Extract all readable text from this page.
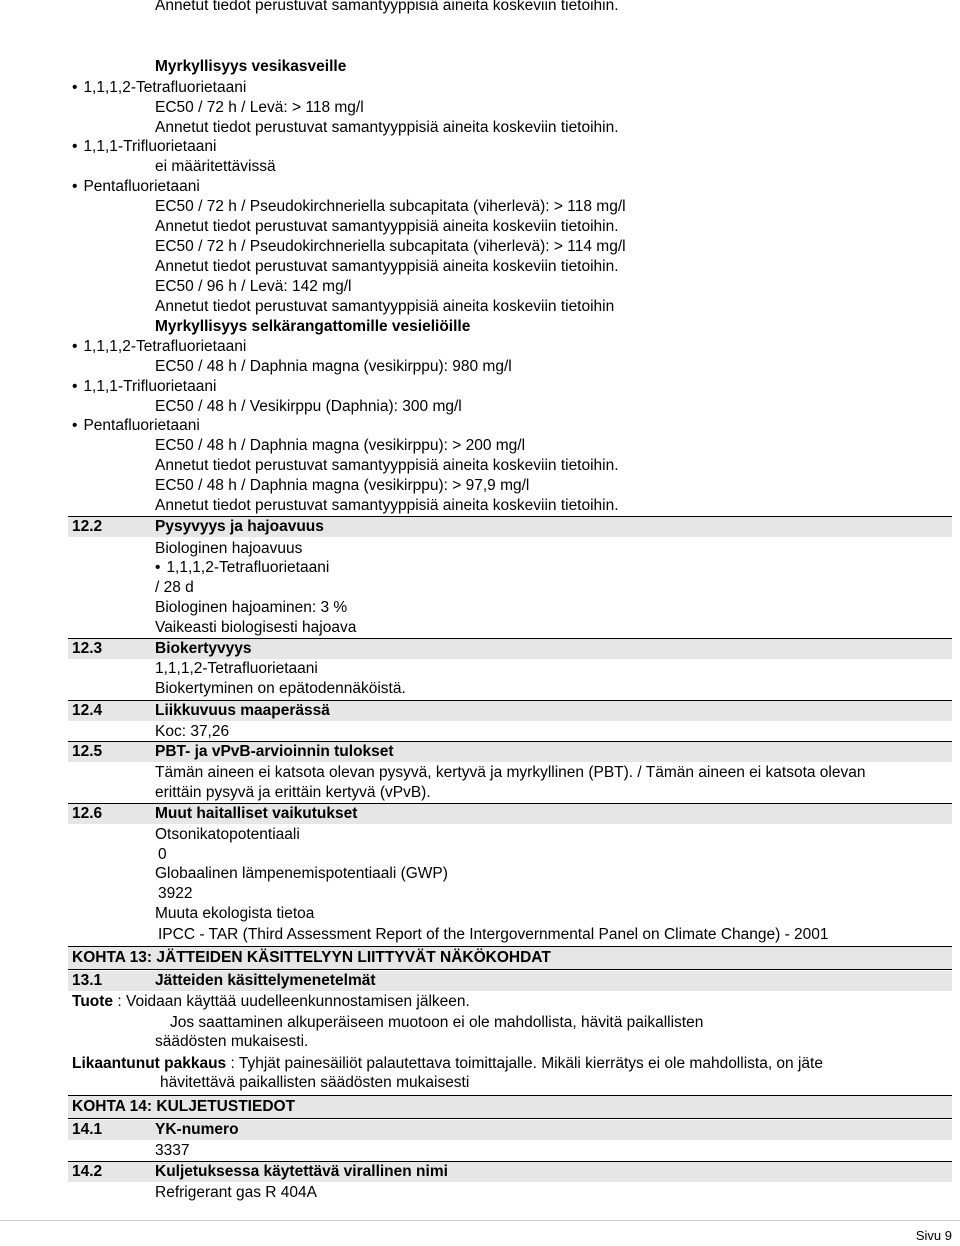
Annetut tiedot perustuvat samantyyppisiä aineita koskeviin tietoihin.
Myrkyllisyys vesikasveille
• 1,1,1,2-Tetrafluorietaani
EC50 / 72 h / Levä: > 118 mg/l
Annetut tiedot perustuvat samantyyppisiä aineita koskeviin tietoihin.
• 1,1,1-Trifluorietaani
ei määritettävissä
• Pentafluorietaani
EC50 / 72 h / Pseudokirchneriella subcapitata (viherlevä): > 118 mg/l
Annetut tiedot perustuvat samantyyppisiä aineita koskeviin tietoihin.
EC50 / 72 h / Pseudokirchneriella subcapitata (viherlevä): > 114 mg/l
Annetut tiedot perustuvat samantyyppisiä aineita koskeviin tietoihin.
EC50 / 96 h / Levä: 142 mg/l
Annetut tiedot perustuvat samantyyppisiä aineita koskeviin tietoihin
Myrkyllisyys selkärangattomille vesieliöille
• 1,1,1,2-Tetrafluorietaani
EC50 / 48 h / Daphnia magna (vesikirppu): 980 mg/l
• 1,1,1-Trifluorietaani
EC50 / 48 h / Vesikirppu (Daphnia): 300 mg/l
• Pentafluorietaani
EC50 / 48 h / Daphnia magna (vesikirppu): > 200 mg/l
Annetut tiedot perustuvat samantyyppisiä aineita koskeviin tietoihin.
EC50 / 48 h / Daphnia magna (vesikirppu): > 97,9 mg/l
Annetut tiedot perustuvat samantyyppisiä aineita koskeviin tietoihin.
12.2	Pysyvyys ja hajoavuus
Biologinen hajoavuus
• 1,1,1,2-Tetrafluorietaani
/ 28 d
Biologinen hajoaminen: 3 %
Vaikeasti biologisesti hajoava
12.3	Biokertyvyys
1,1,1,2-Tetrafluorietaani
Biokertyminen on epätodennäköistä.
12.4	Liikkuvuus maaperässä
Koc: 37,26
12.5	PBT- ja vPvB-arvioinnin tulokset
Tämän aineen ei katsota olevan pysyvä, kertyvä ja myrkyllinen (PBT). / Tämän aineen ei katsota olevan
erittäin pysyvä ja erittäin kertyvä (vPvB).
12.6	Muut haitalliset vaikutukset
Otsonikatopotentiaali
0
Globaalinen lämpenemispotentiaali (GWP)
3922
Muuta ekologista tietoa
IPCC - TAR (Third Assessment Report of the Intergovernmental Panel on Climate Change) - 2001
KOHTA 13: JÄTTEIDEN KÄSITTELYYN LIITTYVÄT NÄKÖKOHDAT
13.1	Jätteiden käsittelymenetelmät
Tuote : Voidaan käyttää uudelleenkunnostamisen jälkeen.
Jos saattaminen alkuperäiseen muotoon ei ole mahdollista, hävitä paikallisten
säädösten mukaisesti.
Likaantunut pakkaus : Tyhjät painesäiliöt palautettava toimittajalle. Mikäli kierrätys ei ole mahdollista, on jäte
hävitettävä paikallisten säädösten mukaisesti
KOHTA 14: KULJETUSTIEDOT
14.1	YK-numero
3337
14.2	Kuljetuksessa käytettävä virallinen nimi
Refrigerant gas R 404A
Sivu 9
